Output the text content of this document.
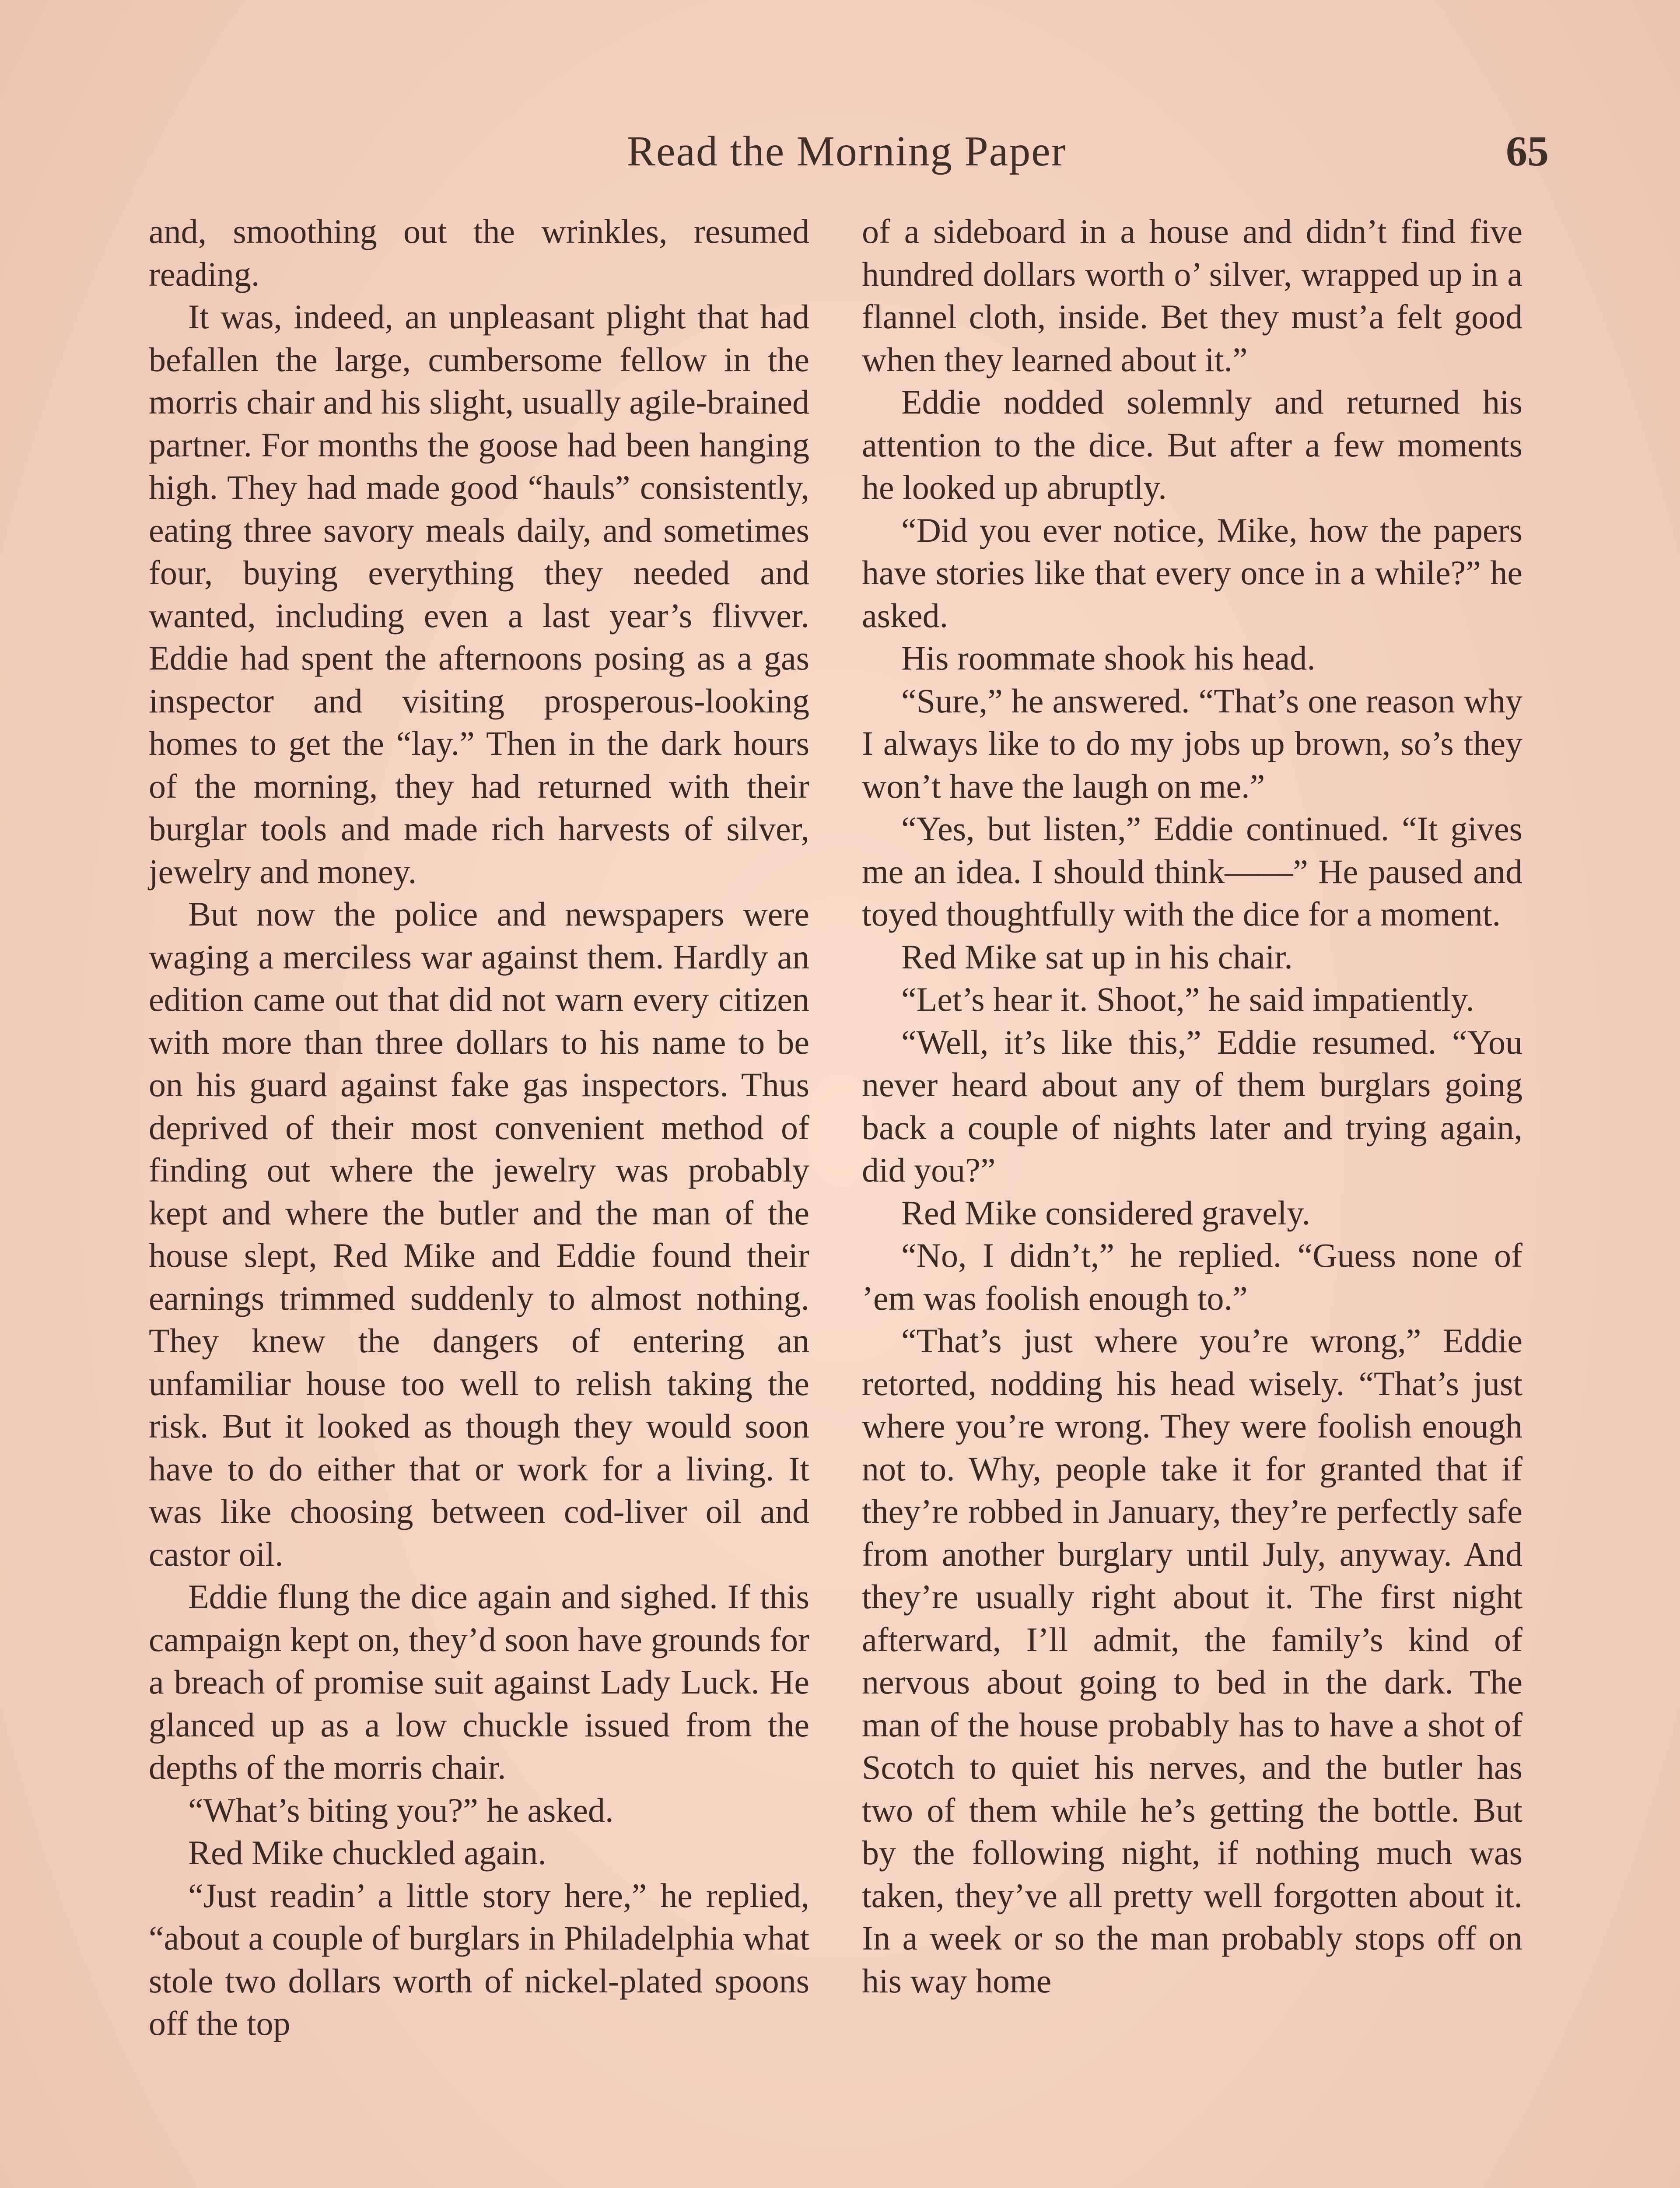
Read the Morning Paper	65

and, smoothing out the wrinkles, resumed reading.

It was, indeed, an unpleasant plight that had befallen the large, cumbersome fellow in the morris chair and his slight, usually agile-brained partner. For months the goose had been hanging high. They had made good “hauls” consistently, eating three savory meals daily, and sometimes four, buying everything they needed and wanted, including even a last year’s flivver. Eddie had spent the afternoons posing as a gas inspector and visiting prosperous-looking homes to get the “lay.” Then in the dark hours of the morning, they had returned with their burglar tools and made rich harvests of silver, jewelry and money.

But now the police and newspapers were waging a merciless war against them. Hardly an edition came out that did not warn every citizen with more than three dollars to his name to be on his guard against fake gas inspectors. Thus deprived of their most convenient method of finding out where the jewelry was probably kept and where the butler and the man of the house slept, Red Mike and Eddie found their earnings trimmed suddenly to almost nothing. They knew the dangers of entering an unfamiliar house too well to relish taking the risk. But it looked as though they would soon have to do either that or work for a living. It was like choosing between cod-liver oil and castor oil.

Eddie flung the dice again and sighed. If this campaign kept on, they’d soon have grounds for a breach of promise suit against Lady Luck. He glanced up as a low chuckle issued from the depths of the morris chair.

“What’s biting you?” he asked.

Red Mike chuckled again.

“Just readin’ a little story here,” he replied, “about a couple of burglars in Philadelphia what stole two dollars worth of nickel-plated spoons off the top

of a sideboard in a house and didn’t find five hundred dollars worth o’ silver, wrapped up in a flannel cloth, inside. Bet they must’a felt good when they learned about it.”

Eddie nodded solemnly and returned his attention to the dice. But after a few moments he looked up abruptly.

“Did you ever notice, Mike, how the papers have stories like that every once in a while?” he asked.

His roommate shook his head.

“Sure,” he answered. “That’s one reason why I always like to do my jobs up brown, so’s they won’t have the laugh on me.”

“Yes, but listen,” Eddie continued. “It gives me an idea. I should think——” He paused and toyed thoughtfully with the dice for a moment.

Red Mike sat up in his chair.

“Let’s hear it. Shoot,” he said impatiently.

“Well, it’s like this,” Eddie resumed. “You never heard about any of them burglars going back a couple of nights later and trying again, did you?”

Red Mike considered gravely.

“No, I didn’t,” he replied. “Guess none of ’em was foolish enough to.”

“That’s just where you’re wrong,” Eddie retorted, nodding his head wisely. “That’s just where you’re wrong. They were foolish enough not to. Why, people take it for granted that if they’re robbed in January, they’re perfectly safe from another burglary until July, anyway. And they’re usually right about it. The first night afterward, I’ll admit, the family’s kind of nervous about going to bed in the dark. The man of the house probably has to have a shot of Scotch to quiet his nerves, and the butler has two of them while he’s getting the bottle. But by the following night, if nothing much was taken, they’ve all pretty well forgotten about it. In a week or so the man probably stops off on his way home
